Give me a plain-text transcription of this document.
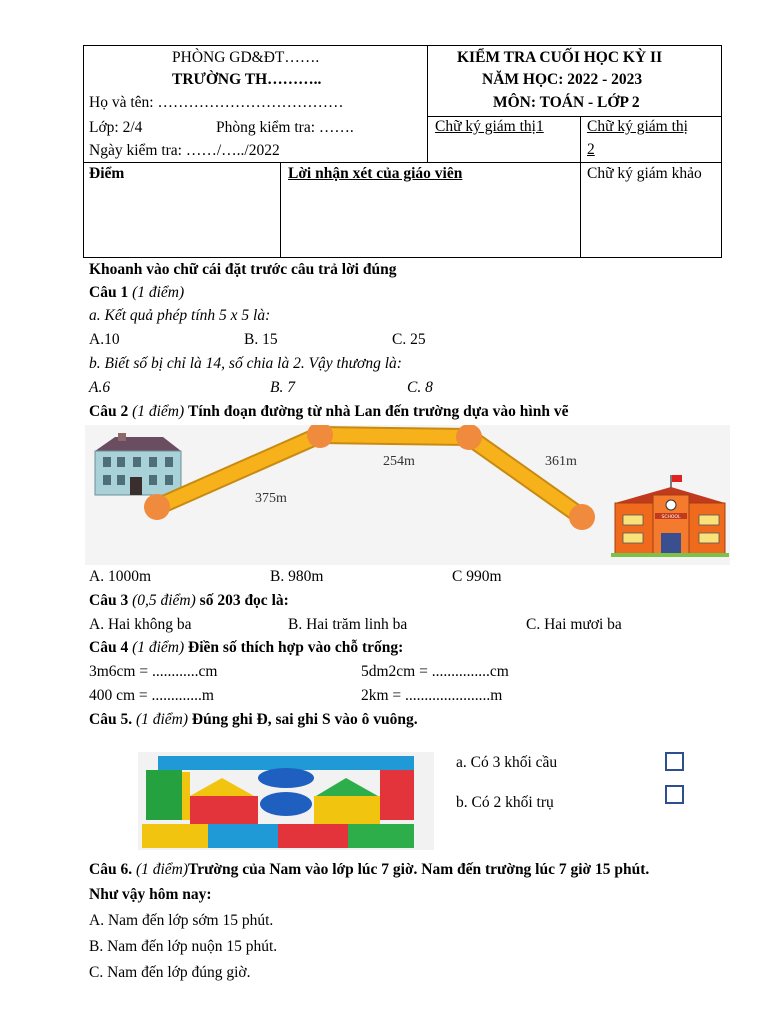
PHÒNG GD&ĐT…….
TRƯỜNG TH………..
Họ và tên: ………………………………
Lớp: 2/4	Phòng kiểm tra: …….
Ngày kiểm tra: ……/…../2022
KIỂM TRA CUỐI HỌC KỲ II
NĂM HỌC: 2022 - 2023
MÔN: TOÁN - LỚP 2
Chữ ký giám thị1	Chữ ký giám thị
2
Điểm	Lời nhận xét của giáo viên	Chữ ký giám khảo
Khoanh vào chữ cái đặt trước câu trả lời đúng
Câu 1 (1 điểm)
a. Kết quả phép tính 5 x 5 là:
A.10	B. 15	C. 25
b. Biết số bị chỉ là 14, số chia là 2. Vậy thương là:
A.6	B. 7	C. 8
Câu 2 (1 điểm) Tính đoạn đường từ nhà Lan đến trường dựa vào hình vẽ
375m
254m	361m
SCHOOL
A. 1000m	B. 980m	C 990m
Câu 3 (0,5 điểm) số 203 đọc là:
A. Hai không ba	B. Hai trăm linh ba	C. Hai mươi ba
Câu 4 (1 điểm) Điền số thích hợp vào chỗ trống:
3m6cm = ............cm	5dm2cm = ...............cm
400 cm = .............m	2km = ......................m
Câu 5. (1 điểm) Đúng ghi Đ, sai ghi S vào ô vuông.
a. Có 3 khối cầu
b. Có 2 khối trụ
Câu 6. (1 điểm)Trường của Nam vào lớp lúc 7 giờ. Nam đến trường lúc 7 giờ 15 phút.
Như vậy hôm nay:
A. Nam đến lớp sớm 15 phút.
B. Nam đến lớp nuộn 15 phút.
C. Nam đến lớp đúng giờ.
